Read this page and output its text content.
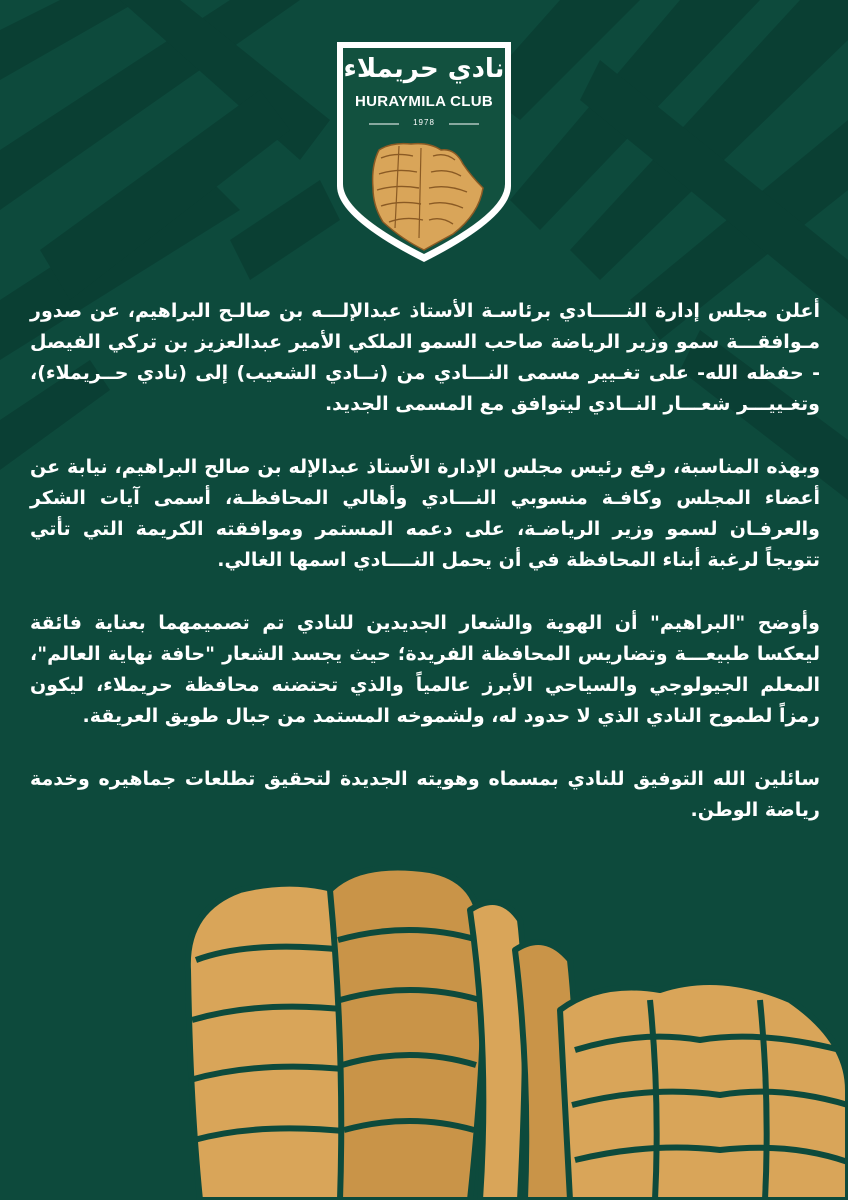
نادي حريملاء
HURAYMILA CLUB
1978

أعلن مجلس إدارة النـــــادي برئاسـة الأستاذ عبدالإلـــه بن صالـح البراهيم، عن صدور مـوافقـــة سمو وزير الرياضة صاحب السمو الملكي الأمير عبدالعزيز بن تركي الفيصل - حفظه الله- على تغـيير مسمى النـــادي من (نــادي الشعيب) إلى (نادي حــريملاء)، وتغـييـــر شعـــار النــادي ليتوافق مع المسمى الجديد.

وبهذه المناسبة، رفع رئيس مجلس الإدارة الأستاذ عبدالإله بن صالح البراهيم، نيابة عن أعضاء المجلس وكافـة منسوبي النـــادي وأهالي المحافظـة، أسمى آيات الشكر والعرفـان لسمو وزير الرياضـة، على دعمه المستمر وموافقته الكريمة التي تأتي تتويجاً لرغبة أبناء المحافظة في أن يحمل النــــادي اسمها الغالي.

وأوضح "البراهيم" أن الهوية والشعار الجديدين للنادي تم تصميمهما بعناية فائقة ليعكسا طبيعـــة وتضاريس المحافظة الفريدة؛ حيث يجسد الشعار "حافة نهاية العالم"، المعلم الجيولوجي والسياحي الأبرز عالمياً والذي تحتضنه محافظة حريملاء، ليكون رمزاً لطموح النادي الذي لا حدود له، ولشموخه المستمد من جبال طويق العريقة.

سائلين الله التوفيق للنادي بمسماه وهويته الجديدة لتحقيق تطلعات جماهيره وخدمة رياضة الوطن.
